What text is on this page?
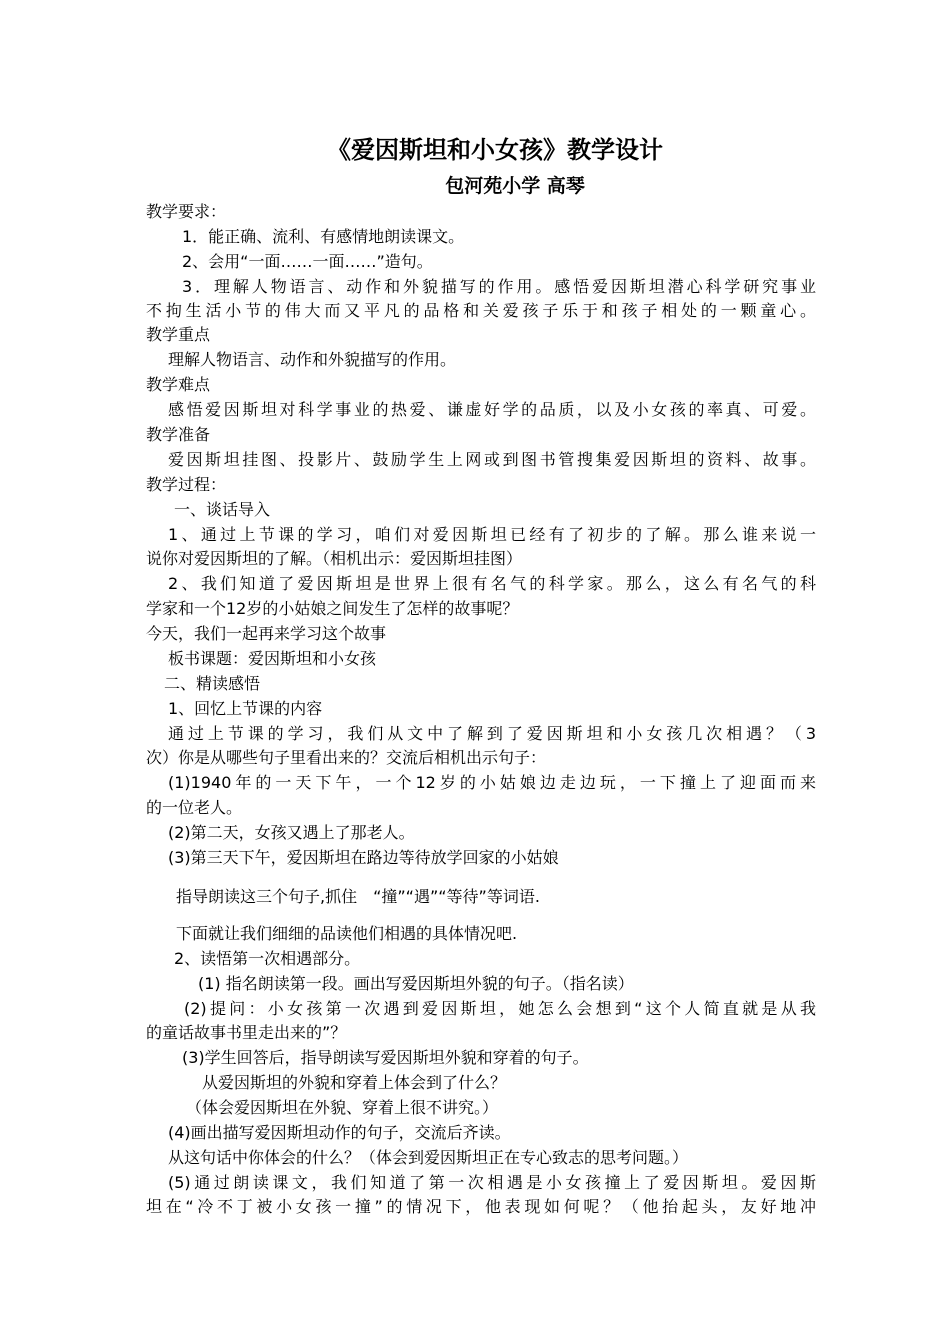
《爱因斯坦和小女孩》教学设计
包河苑小学 高琴
教学要求：
1．能正确、流利、有感情地朗读课文。
2、会用“一面……一面……”造句。
3．理解人物语言、动作和外貌描写的作用。感悟爱因斯坦潜心科学研究事业
不拘生活小节的伟大而又平凡的品格和关爱孩子乐于和孩子相处的一颗童心。
教学重点
理解人物语言、动作和外貌描写的作用。
教学难点
感悟爱因斯坦对科学事业的热爱、谦虚好学的品质，以及小女孩的率真、可爱。
教学准备
爱因斯坦挂图、投影片、鼓励学生上网或到图书管搜集爱因斯坦的资料、故事。
教学过程：
一、谈话导入
1、通过上节课的学习，咱们对爱因斯坦已经有了初步的了解。那么谁来说一
说你对爱因斯坦的了解。（相机出示：爱因斯坦挂图）
2、我们知道了爱因斯坦是世界上很有名气的科学家。那么，这么有名气的科
学家和一个12岁的小姑娘之间发生了怎样的故事呢？
今天，我们一起再来学习这个故事
板书课题：爱因斯坦和小女孩
二、精读感悟
1、回忆上节课的内容
通过上节课的学习，我们从文中了解到了爱因斯坦和小女孩几次相遇？（3
次）你是从哪些句子里看出来的？交流后相机出示句子：
(1)1940年的一天下午，一个12岁的小姑娘边走边玩，一下撞上了迎面而来
的一位老人。
(2)第二天，女孩又遇上了那老人。
(3)第三天下午，爱因斯坦在路边等待放学回家的小姑娘
指导朗读这三个句子,抓住　“撞”“遇”“等待”等词语.
下面就让我们细细的品读他们相遇的具体情况吧.
2、读悟第一次相遇部分。
(1) 指名朗读第一段。画出写爱因斯坦外貌的句子。（指名读）
(2)提问：小女孩第一次遇到爱因斯坦，她怎么会想到“这个人简直就是从我
的童话故事书里走出来的”？
(3)学生回答后，指导朗读写爱因斯坦外貌和穿着的句子。
从爱因斯坦的外貌和穿着上体会到了什么？
（体会爱因斯坦在外貌、穿着上很不讲究。）
(4)画出描写爱因斯坦动作的句子，交流后齐读。
从这句话中你体会的什么？（体会到爱因斯坦正在专心致志的思考问题。）
(5)通过朗读课文，我们知道了第一次相遇是小女孩撞上了爱因斯坦。爱因斯
坦在“冷不丁被小女孩一撞”的情况下，他表现如何呢？（他抬起头，友好地冲
